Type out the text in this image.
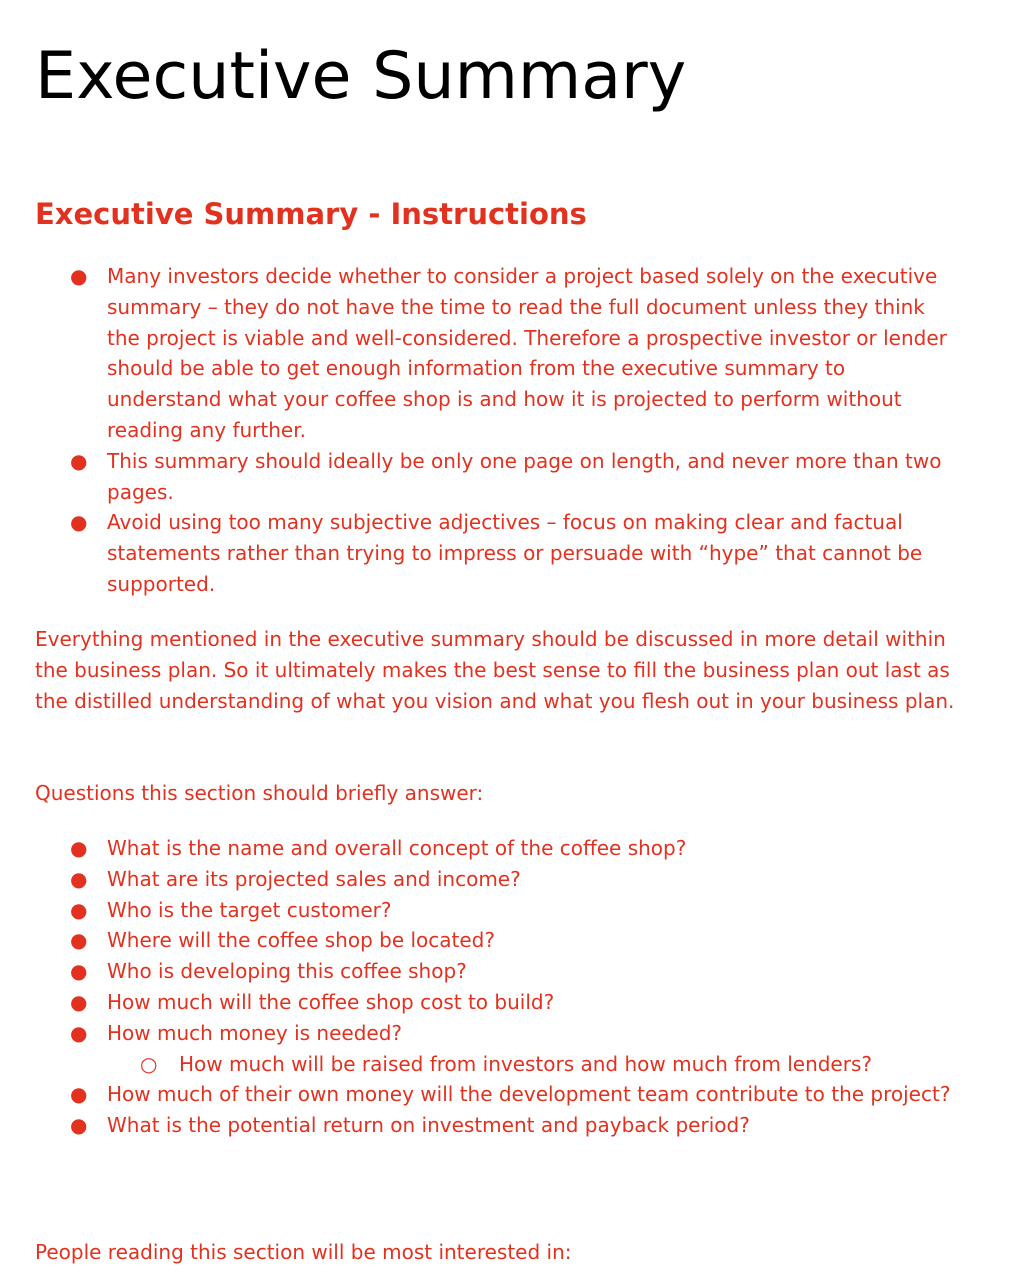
Executive Summary
Executive Summary - Instructions
● Many investors decide whether to consider a project based solely on the executive summary – they do not have the time to read the full document unless they think the project is viable and well-considered. Therefore a prospective investor or lender should be able to get enough information from the executive summary to understand what your coffee shop is and how it is projected to perform without reading any further.
● This summary should ideally be only one page on length, and never more than two pages.
● Avoid using too many subjective adjectives – focus on making clear and factual statements rather than trying to impress or persuade with “hype” that cannot be supported.

Everything mentioned in the executive summary should be discussed in more detail within the business plan. So it ultimately makes the best sense to fill the business plan out last as the distilled understanding of what you vision and what you flesh out in your business plan.

Questions this section should briefly answer:

● What is the name and overall concept of the coffee shop?
● What are its projected sales and income?
● Who is the target customer?
● Where will the coffee shop be located?
● Who is developing this coffee shop?
● How much will the coffee shop cost to build?
● How much money is needed?
○ How much will be raised from investors and how much from lenders?
● How much of their own money will the development team contribute to the project?
● What is the potential return on investment and payback period?

People reading this section will be most interested in:
